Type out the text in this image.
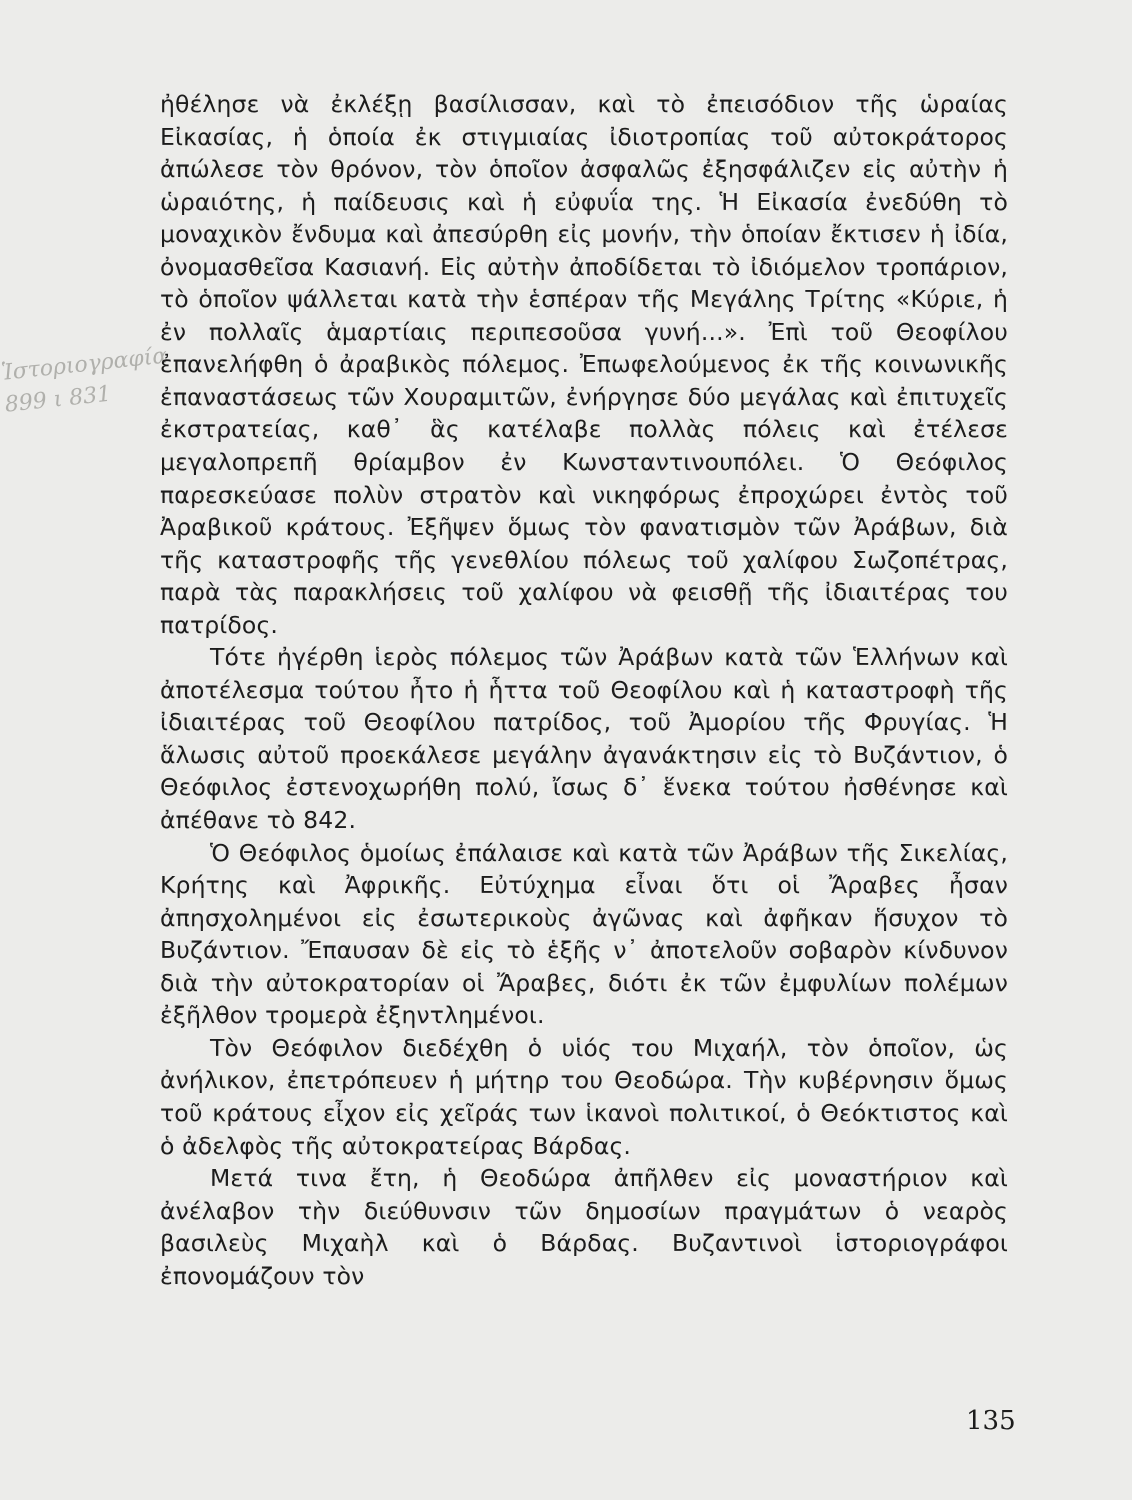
Ἱστοριογραφία
899 ι 831

ἠθέλησε νὰ ἐκλέξῃ βασίλισσαν, καὶ τὸ ἐπεισόδιον τῆς ὡραίας Εἰκασίας, ἡ ὁποία ἐκ στιγμιαίας ἰδιοτροπίας τοῦ αὐτοκράτορος ἀπώλεσε τὸν θρόνον, τὸν ὁποῖον ἀσφαλῶς ἐξησφάλιζεν εἰς αὐτὴν ἡ ὡραιότης, ἡ παίδευσις καὶ ἡ εὐφυΐα της. Ἡ Εἰκασία ἐνεδύθη τὸ μοναχικὸν ἔνδυμα καὶ ἀπεσύρθη εἰς μονήν, τὴν ὁποίαν ἔκτισεν ἡ ἰδία, ὀνομασθεῖσα Κασιανή. Εἰς αὐτὴν ἀποδίδεται τὸ ἰδιόμελον τροπάριον, τὸ ὁποῖον ψάλλεται κατὰ τὴν ἑσπέραν τῆς Μεγάλης Τρίτης «Κύριε, ἡ ἐν πολλαῖς ἁμαρτίαις περιπεσοῦσα γυνή...». Ἐπὶ τοῦ Θεοφίλου ἐπανελήφθη ὁ ἀραβικὸς πόλεμος. Ἐπωφελούμενος ἐκ τῆς κοινωνικῆς ἐπαναστάσεως τῶν Χουραμιτῶν, ἐνήργησε δύο μεγάλας καὶ ἐπιτυχεῖς ἐκστρατείας, καθ᾿ ἃς κατέλαβε πολλὰς πόλεις καὶ ἐτέλεσε μεγαλοπρεπῆ θρίαμβον ἐν Κωνσταντινουπόλει. Ὁ Θεόφιλος παρεσκεύασε πολὺν στρατὸν καὶ νικηφόρως ἐπροχώρει ἐντὸς τοῦ Ἀραβικοῦ κράτους. Ἐξῆψεν ὅμως τὸν φανατισμὸν τῶν Ἀράβων, διὰ τῆς καταστροφῆς τῆς γενεθλίου πόλεως τοῦ χαλίφου Σωζοπέτρας, παρὰ τὰς παρακλήσεις τοῦ χαλίφου νὰ φεισθῇ τῆς ἰδιαιτέρας του πατρίδος.

Τότε ἠγέρθη ἱερὸς πόλεμος τῶν Ἀράβων κατὰ τῶν Ἑλλήνων καὶ ἀποτέλεσμα τούτου ἦτο ἡ ἧττα τοῦ Θεοφίλου καὶ ἡ καταστροφὴ τῆς ἰδιαιτέρας τοῦ Θεοφίλου πατρίδος, τοῦ Ἀμορίου τῆς Φρυγίας. Ἡ ἅλωσις αὐτοῦ προεκάλεσε μεγάλην ἀγανάκτησιν εἰς τὸ Βυζάντιον, ὁ Θεόφιλος ἐστενοχωρήθη πολύ, ἴσως δ᾿ ἕνεκα τούτου ἠσθένησε καὶ ἀπέθανε τὸ 842.

Ὁ Θεόφιλος ὁμοίως ἐπάλαισε καὶ κατὰ τῶν Ἀράβων τῆς Σικελίας, Κρήτης καὶ Ἀφρικῆς. Εὐτύχημα εἶναι ὅτι οἱ Ἄραβες ἦσαν ἀπησχολημένοι εἰς ἐσωτερικοὺς ἀγῶνας καὶ ἀφῆκαν ἥσυχον τὸ Βυζάντιον. Ἔπαυσαν δὲ εἰς τὸ ἑξῆς ν᾿ ἀποτελοῦν σοβαρὸν κίνδυνον διὰ τὴν αὐτοκρατορίαν οἱ Ἄραβες, διότι ἐκ τῶν ἐμφυλίων πολέμων ἐξῆλθον τρομερὰ ἐξηντλημένοι.

Τὸν Θεόφιλον διεδέχθη ὁ υἱός του Μιχαήλ, τὸν ὁποῖον, ὡς ἀνήλικον, ἐπετρόπευεν ἡ μήτηρ του Θεοδώρα. Τὴν κυβέρνησιν ὅμως τοῦ κράτους εἶχον εἰς χεῖράς των ἱκανοὶ πολιτικοί, ὁ Θεόκτιστος καὶ ὁ ἀδελφὸς τῆς αὐτοκρατείρας Βάρδας.

Μετά τινα ἔτη, ἡ Θεοδώρα ἀπῆλθεν εἰς μοναστήριον καὶ ἀνέλαβον τὴν διεύθυνσιν τῶν δημοσίων πραγμάτων ὁ νεαρὸς βασιλεὺς Μιχαὴλ καὶ ὁ Βάρδας. Βυζαντινοὶ ἱστοριογράφοι ἐπονομάζουν τὸν

135
